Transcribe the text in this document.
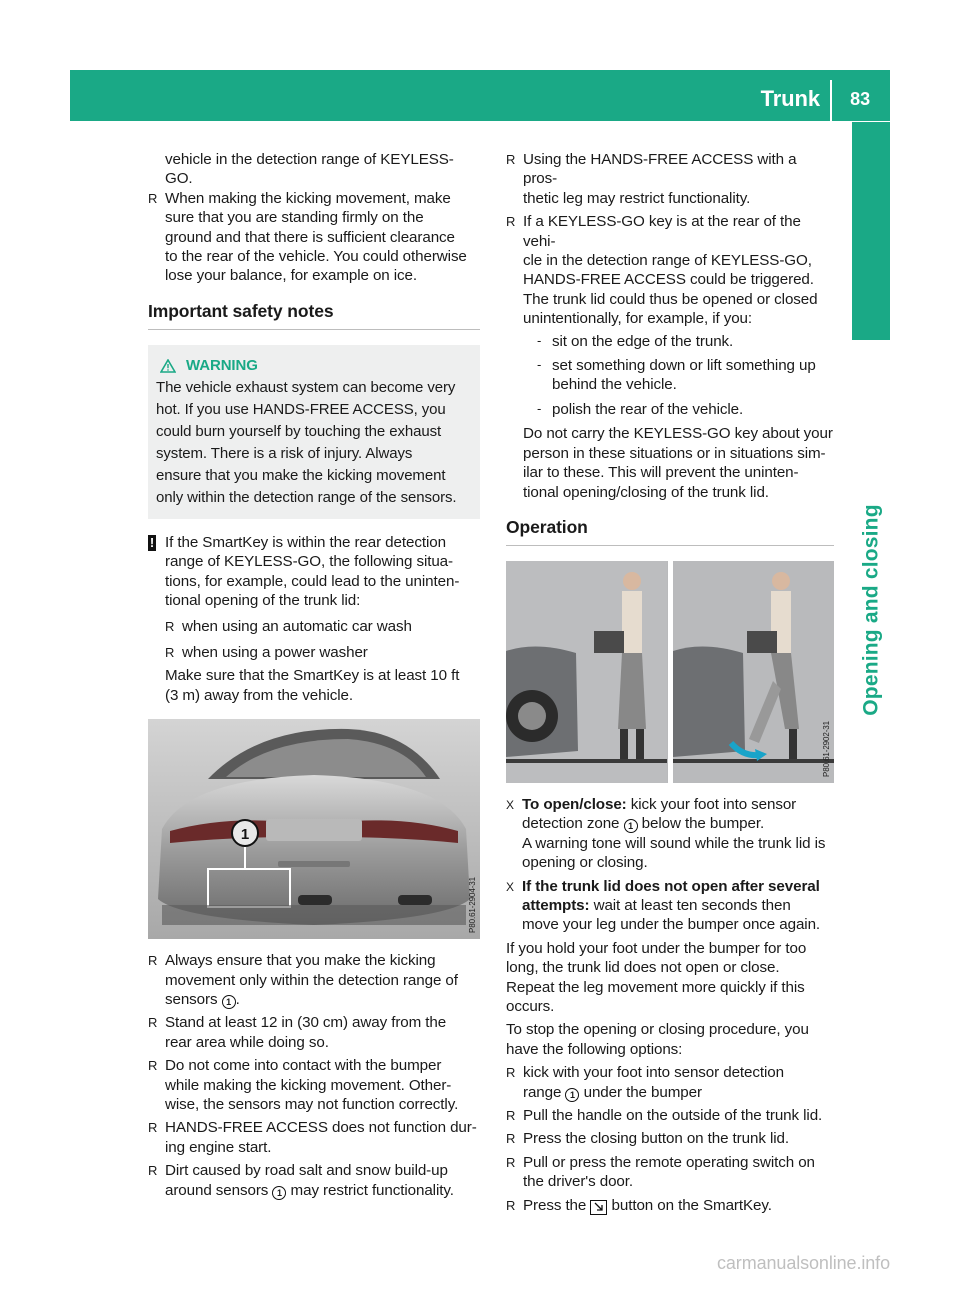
Trunk 83
Opening and closing
vehicle in the detection range of KEYLESS-
GO.
R When making the kicking movement, make
sure that you are standing firmly on the
ground and that there is sufficient clearance
to the rear of the vehicle. You could otherwise
lose your balance, for example on ice.
Important safety notes
WARNING
The vehicle exhaust system can become very
hot. If you use HANDS-FREE ACCESS, you
could burn yourself by touching the exhaust
system. There is a risk of injury. Always
ensure that you make the kicking movement
only within the detection range of the sensors.
! If the SmartKey is within the rear detection
range of KEYLESS-GO, the following situa-
tions, for example, could lead to the uninten-
tional opening of the trunk lid:
R when using an automatic car wash
R when using a power washer
Make sure that the SmartKey is at least 10 ft
(3 m) away from the vehicle.
1
P80.61-2904-31
R Always ensure that you make the kicking
movement only within the detection range of
sensors 1 .
R Stand at least 12 in (30 cm) away from the
rear area while doing so.
R Do not come into contact with the bumper
while making the kicking movement. Other-
wise, the sensors may not function correctly.
R HANDS-FREE ACCESS does not function dur-
ing engine start.
R Dirt caused by road salt and snow build-up
around sensors 1 may restrict functionality.
R Using the HANDS-FREE ACCESS with a pros-
thetic leg may restrict functionality.
R If a KEYLESS-GO key is at the rear of the vehi-
cle in the detection range of KEYLESS-GO,
HANDS-FREE ACCESS could be triggered.
The trunk lid could thus be opened or closed
unintentionally, for example, if you:
- sit on the edge of the trunk.
- set something down or lift something up
behind the vehicle.
- polish the rear of the vehicle.
Do not carry the KEYLESS-GO key about your
person in these situations or in situations sim-
ilar to these. This will prevent the uninten-
tional opening/closing of the trunk lid.
Operation
P80.61-2902-31
X To open/close: kick your foot into sensor
detection zone 1 below the bumper.
A warning tone will sound while the trunk lid is
opening or closing.
X If the trunk lid does not open after several
attempts: wait at least ten seconds then
move your leg under the bumper once again.
If you hold your foot under the bumper for too
long, the trunk lid does not open or close.
Repeat the leg movement more quickly if this
occurs.
To stop the opening or closing procedure, you
have the following options:
R kick with your foot into sensor detection
range 1 under the bumper
R Pull the handle on the outside of the trunk lid.
R Press the closing button on the trunk lid.
R Pull or press the remote operating switch on
the driver's door.
R Press the button on the SmartKey.
carmanualsonline.info
